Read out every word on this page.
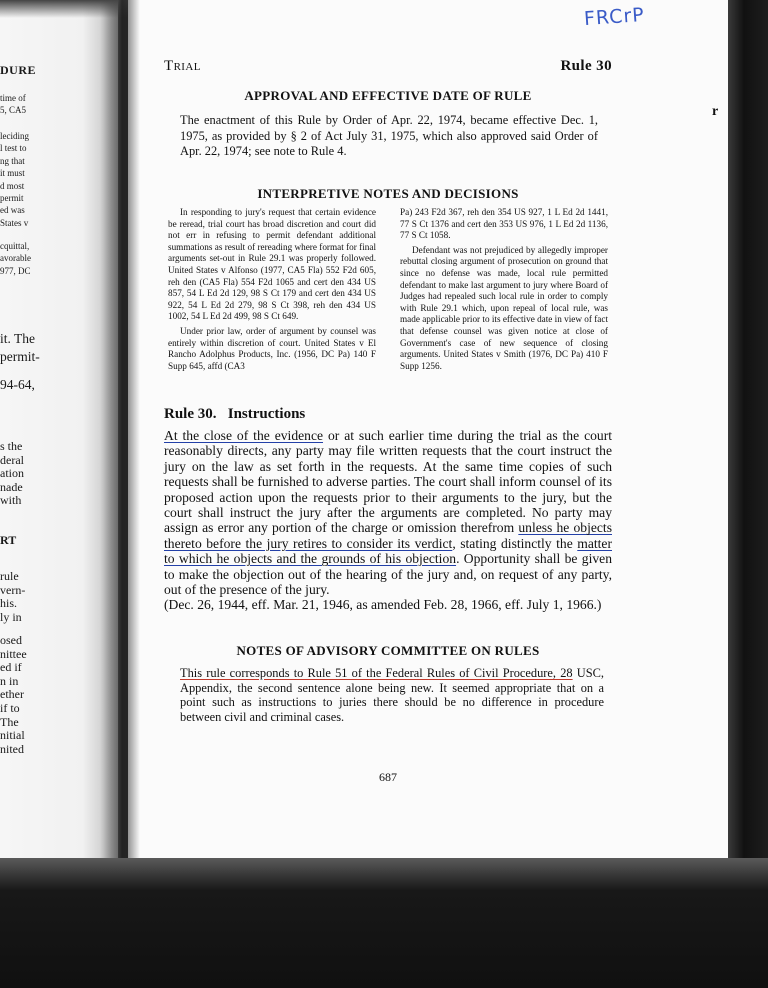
DURE
time of
5, CA5
leciding
l test to
ng that
it must
d most
permit
ed was
States v
cquittal,
avorable
977, DC
it. The
permit-
94-64,
s the
deral
ation
nade
with
RT
rule
vern-
his.
ly in
osed
nittee
ed if
n in
ether
if to
The
nitial
nited
Trial	Rule 30
APPROVAL AND EFFECTIVE DATE OF RULE
The enactment of this Rule by Order of Apr. 22, 1974, became effective Dec. 1, 1975, as provided by § 2 of Act July 31, 1975, which also approved said Order of Apr. 22, 1974; see note to Rule 4.
INTERPRETIVE NOTES AND DECISIONS

In responding to jury's request that certain evidence be reread, trial court has broad discretion and court did not err in refusing to permit defendant additional summations as result of rereading where format for final arguments set-out in Rule 29.1 was properly followed. United States v Alfonso (1977, CA5 Fla) 552 F2d 605, reh den (CA5 Fla) 554 F2d 1065 and cert den 434 US 857, 54 L Ed 2d 129, 98 S Ct 179 and cert den 434 US 922, 54 L Ed 2d 279, 98 S Ct 398, reh den 434 US 1002, 54 L Ed 2d 499, 98 S Ct 649.

Under prior law, order of argument by counsel was entirely within discretion of court. United States v El Rancho Adolphus Products, Inc. (1956, DC Pa) 140 F Supp 645, affd (CA3

Pa) 243 F2d 367, reh den 354 US 927, 1 L Ed 2d 1441, 77 S Ct 1376 and cert den 353 US 976, 1 L Ed 2d 1136, 77 S Ct 1058.

Defendant was not prejudiced by allegedly improper rebuttal closing argument of prosecution on ground that since no defense was made, local rule permitted defendant to make last argument to jury where Board of Judges had repealed such local rule in order to comply with Rule 29.1 which, upon repeal of local rule, was made applicable prior to its effective date in view of fact that defense counsel was given notice at close of Government's case of new sequence of closing arguments. United States v Smith (1976, DC Pa) 410 F Supp 1256.

Rule 30.   Instructions

At the close of the evidence or at such earlier time during the trial as the court reasonably directs, any party may file written requests that the court instruct the jury on the law as set forth in the requests. At the same time copies of such requests shall be furnished to adverse parties. The court shall inform counsel of its proposed action upon the requests prior to their arguments to the jury, but the court shall instruct the jury after the arguments are completed. No party may assign as error any portion of the charge or omission therefrom unless he objects thereto before the jury retires to consider its verdict, stating distinctly the matter to which he objects and the grounds of his objection. Opportunity shall be given to make the objection out of the hearing of the jury and, on request of any party, out of the presence of the jury.

(Dec. 26, 1944, eff. Mar. 21, 1946, as amended Feb. 28, 1966, eff. July 1, 1966.)

NOTES OF ADVISORY COMMITTEE ON RULES
This rule corresponds to Rule 51 of the Federal Rules of Civil Procedure, 28 USC, Appendix, the second sentence alone being new. It seemed appropriate that on a point such as instructions to juries there should be no difference in procedure between civil and criminal cases.
687
r
FRCrP
